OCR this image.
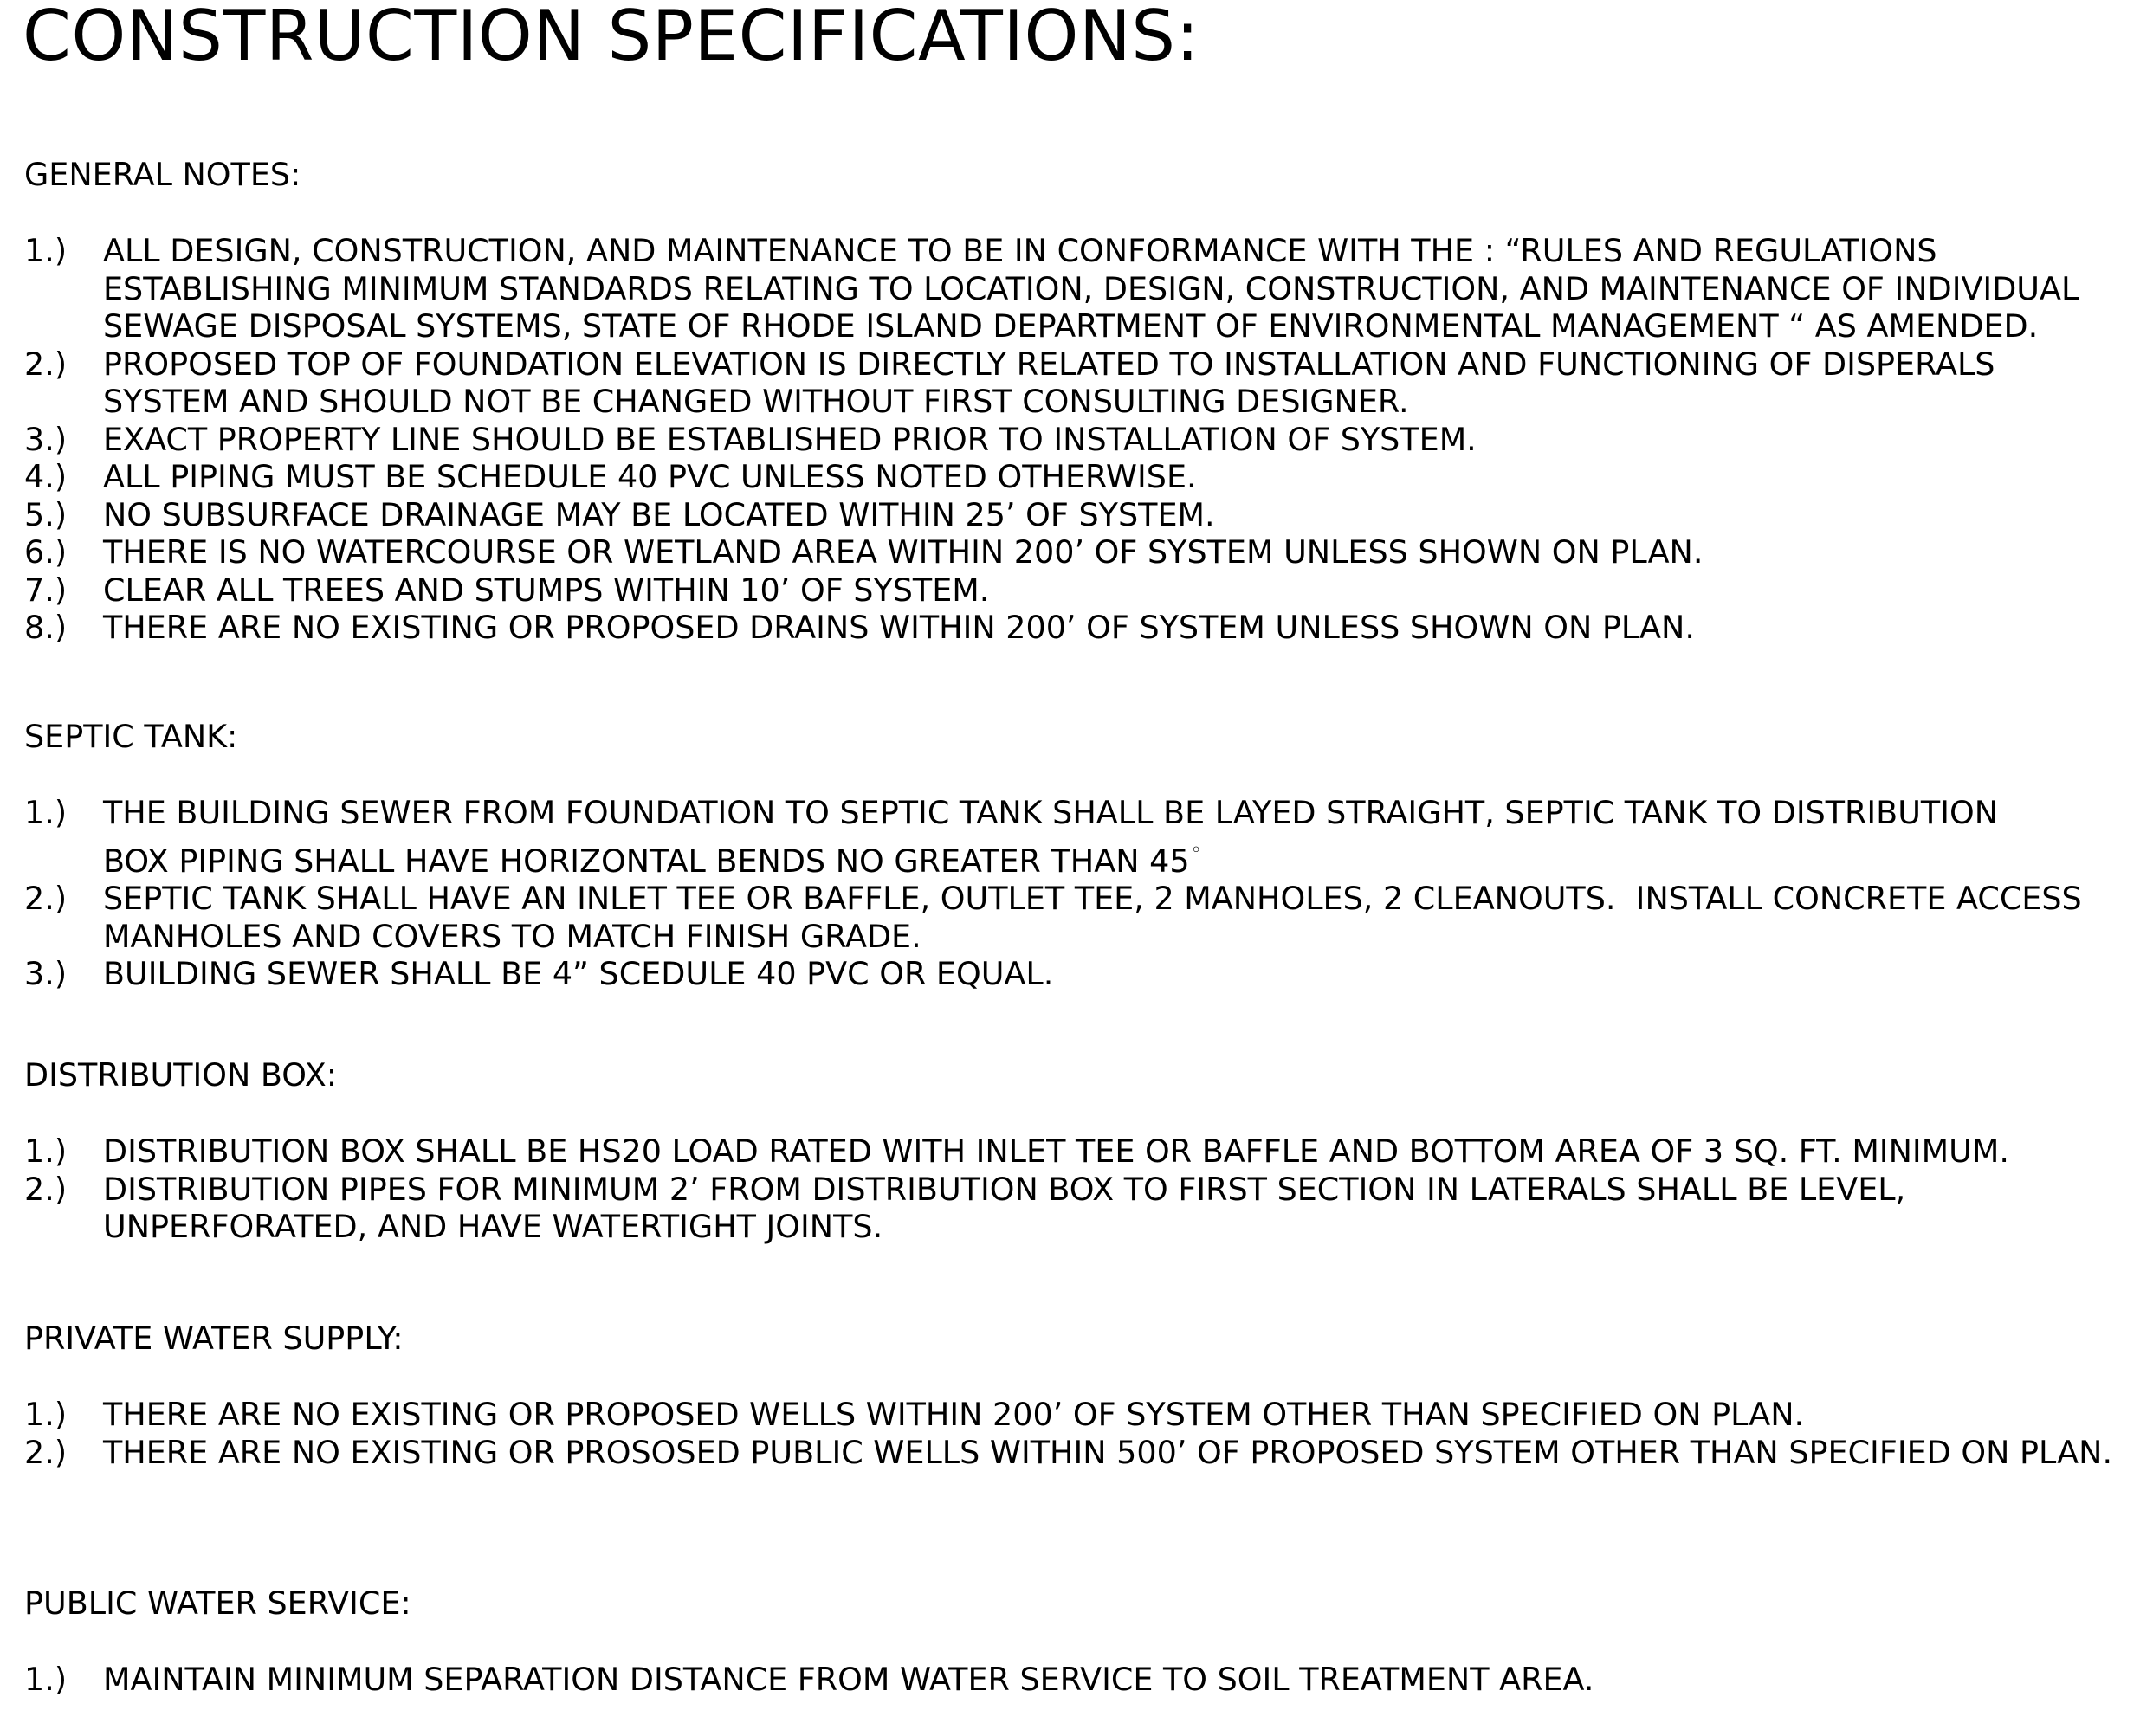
CONSTRUCTION SPECIFICATIONS:
GENERAL NOTES:
1.)	ALL DESIGN, CONSTRUCTION, AND MAINTENANCE TO BE IN CONFORMANCE WITH THE : “RULES AND REGULATIONS
ESTABLISHING MINIMUM STANDARDS RELATING TO LOCATION, DESIGN, CONSTRUCTION, AND MAINTENANCE OF INDIVIDUAL
SEWAGE DISPOSAL SYSTEMS, STATE OF RHODE ISLAND DEPARTMENT OF ENVIRONMENTAL MANAGEMENT “ AS AMENDED.
2.)	PROPOSED TOP OF FOUNDATION ELEVATION IS DIRECTLY RELATED TO INSTALLATION AND FUNCTIONING OF DISPERALS
SYSTEM AND SHOULD NOT BE CHANGED WITHOUT FIRST CONSULTING DESIGNER.
3.)	EXACT PROPERTY LINE SHOULD BE ESTABLISHED PRIOR TO INSTALLATION OF SYSTEM.
4.)	ALL PIPING MUST BE SCHEDULE 40 PVC UNLESS NOTED OTHERWISE.
5.)	NO SUBSURFACE DRAINAGE MAY BE LOCATED WITHIN 25’ OF SYSTEM.
6.)	THERE IS NO WATERCOURSE OR WETLAND AREA WITHIN 200’ OF SYSTEM UNLESS SHOWN ON PLAN.
7.)	CLEAR ALL TREES AND STUMPS WITHIN 10’ OF SYSTEM.
8.)	THERE ARE NO EXISTING OR PROPOSED DRAINS WITHIN 200’ OF SYSTEM UNLESS SHOWN ON PLAN.
SEPTIC TANK:
1.)	THE BUILDING SEWER FROM FOUNDATION TO SEPTIC TANK SHALL BE LAYED STRAIGHT, SEPTIC TANK TO DISTRIBUTION
BOX PIPING SHALL HAVE HORIZONTAL BENDS NO GREATER THAN 45◦
2.)	SEPTIC TANK SHALL HAVE AN INLET TEE OR BAFFLE, OUTLET TEE, 2 MANHOLES, 2 CLEANOUTS.  INSTALL CONCRETE ACCESS
MANHOLES AND COVERS TO MATCH FINISH GRADE.
3.)	BUILDING SEWER SHALL BE 4” SCEDULE 40 PVC OR EQUAL.
DISTRIBUTION BOX:
1.)	DISTRIBUTION BOX SHALL BE HS20 LOAD RATED WITH INLET TEE OR BAFFLE AND BOTTOM AREA OF 3 SQ. FT. MINIMUM.
2.)	DISTRIBUTION PIPES FOR MINIMUM 2’ FROM DISTRIBUTION BOX TO FIRST SECTION IN LATERALS SHALL BE LEVEL,
UNPERFORATED, AND HAVE WATERTIGHT JOINTS.
PRIVATE WATER SUPPLY:
1.)	THERE ARE NO EXISTING OR PROPOSED WELLS WITHIN 200’ OF SYSTEM OTHER THAN SPECIFIED ON PLAN.
2.)	THERE ARE NO EXISTING OR PROSOSED PUBLIC WELLS WITHIN 500’ OF PROPOSED SYSTEM OTHER THAN SPECIFIED ON PLAN.
PUBLIC WATER SERVICE:
1.)	MAINTAIN MINIMUM SEPARATION DISTANCE FROM WATER SERVICE TO SOIL TREATMENT AREA.
